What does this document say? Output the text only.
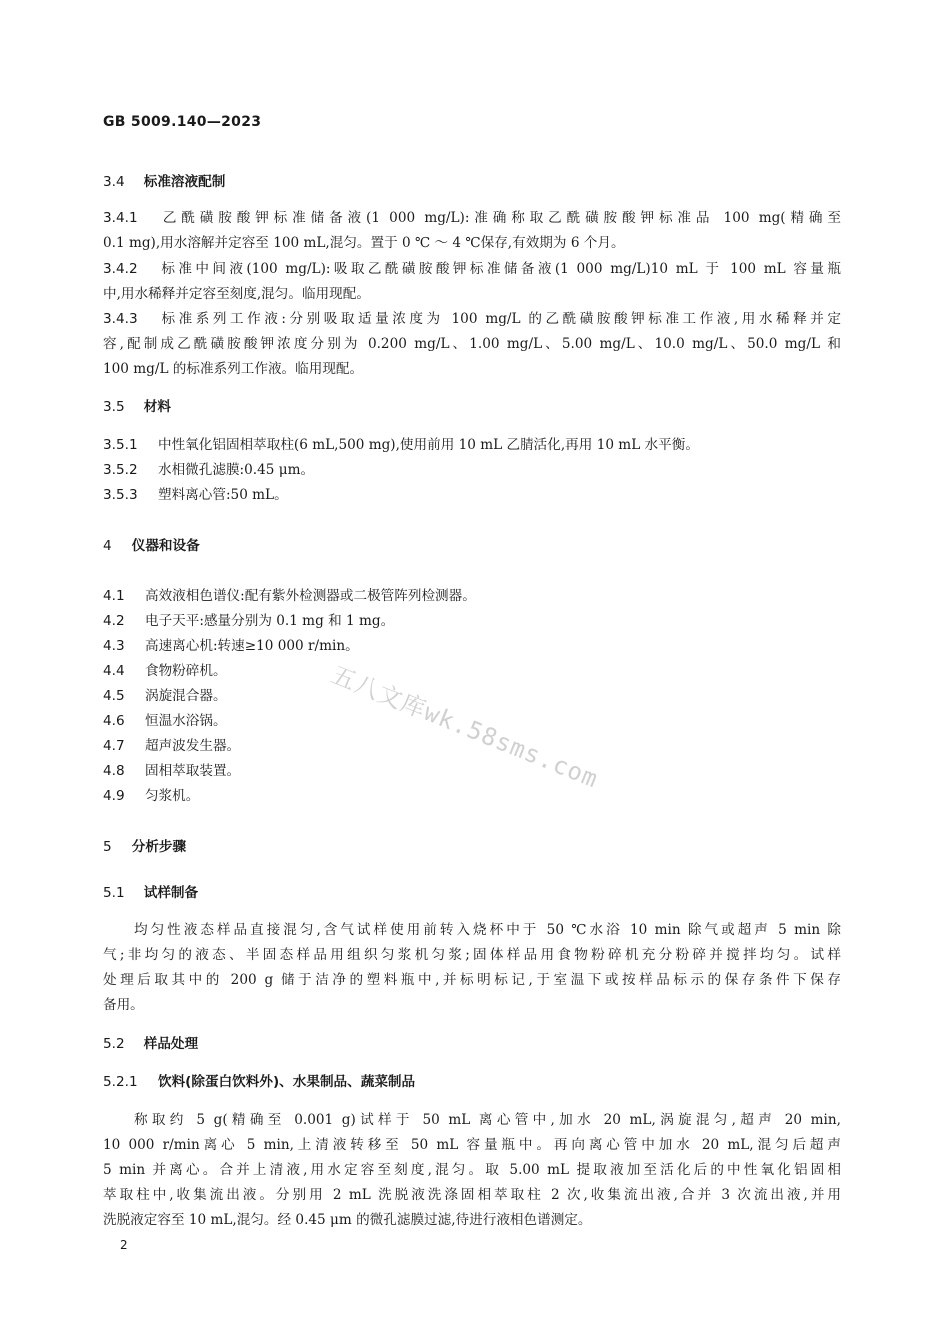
GB 5009.140—2023
3.4 标准溶液配制
3.4.1 乙酰磺胺酸钾标准储备液(1 000 mg/L):准确称取乙酰磺胺酸钾标准品 100 mg(精确至
0.1 mg),用水溶解并定容至 100 mL,混匀。置于 0 ℃ ～ 4 ℃保存,有效期为 6 个月。
3.4.2 标准中间液(100 mg/L):吸取乙酰磺胺酸钾标准储备液(1 000 mg/L)10 mL 于 100 mL 容量瓶
中,用水稀释并定容至刻度,混匀。临用现配。
3.4.3 标准系列工作液:分别吸取适量浓度为 100 mg/L 的乙酰磺胺酸钾标准工作液,用水稀释并定
容,配制成乙酰磺胺酸钾浓度分别为 0.200 mg/L、1.00 mg/L、5.00 mg/L、10.0 mg/L、50.0 mg/L 和
100 mg/L 的标准系列工作液。临用现配。
3.5 材料
3.5.1 中性氧化铝固相萃取柱(6 mL,500 mg),使用前用 10 mL 乙腈活化,再用 10 mL 水平衡。
3.5.2 水相微孔滤膜:0.45 μm。
3.5.3 塑料离心管:50 mL。
4 仪器和设备
4.1 高效液相色谱仪:配有紫外检测器或二极管阵列检测器。
4.2 电子天平:感量分别为 0.1 mg 和 1 mg。
4.3 高速离心机:转速≥10 000 r/min。
4.4 食物粉碎机。
4.5 涡旋混合器。
4.6 恒温水浴锅。
4.7 超声波发生器。
4.8 固相萃取装置。
4.9 匀浆机。
5 分析步骤
5.1 试样制备
均匀性液态样品直接混匀,含气试样使用前转入烧杯中于 50 ℃水浴 10 min 除气或超声 5 min 除
气;非均匀的液态、半固态样品用组织匀浆机匀浆;固体样品用食物粉碎机充分粉碎并搅拌均匀。试样
处理后取其中的 200 g 储于洁净的塑料瓶中,并标明标记,于室温下或按样品标示的保存条件下保存
备用。
5.2 样品处理
5.2.1 饮料(除蛋白饮料外)、水果制品、蔬菜制品
称取约 5 g(精确至 0.001 g)试样于 50 mL 离心管中,加水 20 mL,涡旋混匀,超声 20 min,
10 000 r/min离心 5 min,上清液转移至 50 mL 容量瓶中。再向离心管中加水 20 mL,混匀后超声
5 min 并离心。合并上清液,用水定容至刻度,混匀。取 5.00 mL 提取液加至活化后的中性氧化铝固相
萃取柱中,收集流出液。分别用 2 mL 洗脱液洗涤固相萃取柱 2 次,收集流出液,合并 3 次流出液,并用
洗脱液定容至 10 mL,混匀。经 0.45 μm 的微孔滤膜过滤,待进行液相色谱测定。
五八文库wk.58sms.com
2
